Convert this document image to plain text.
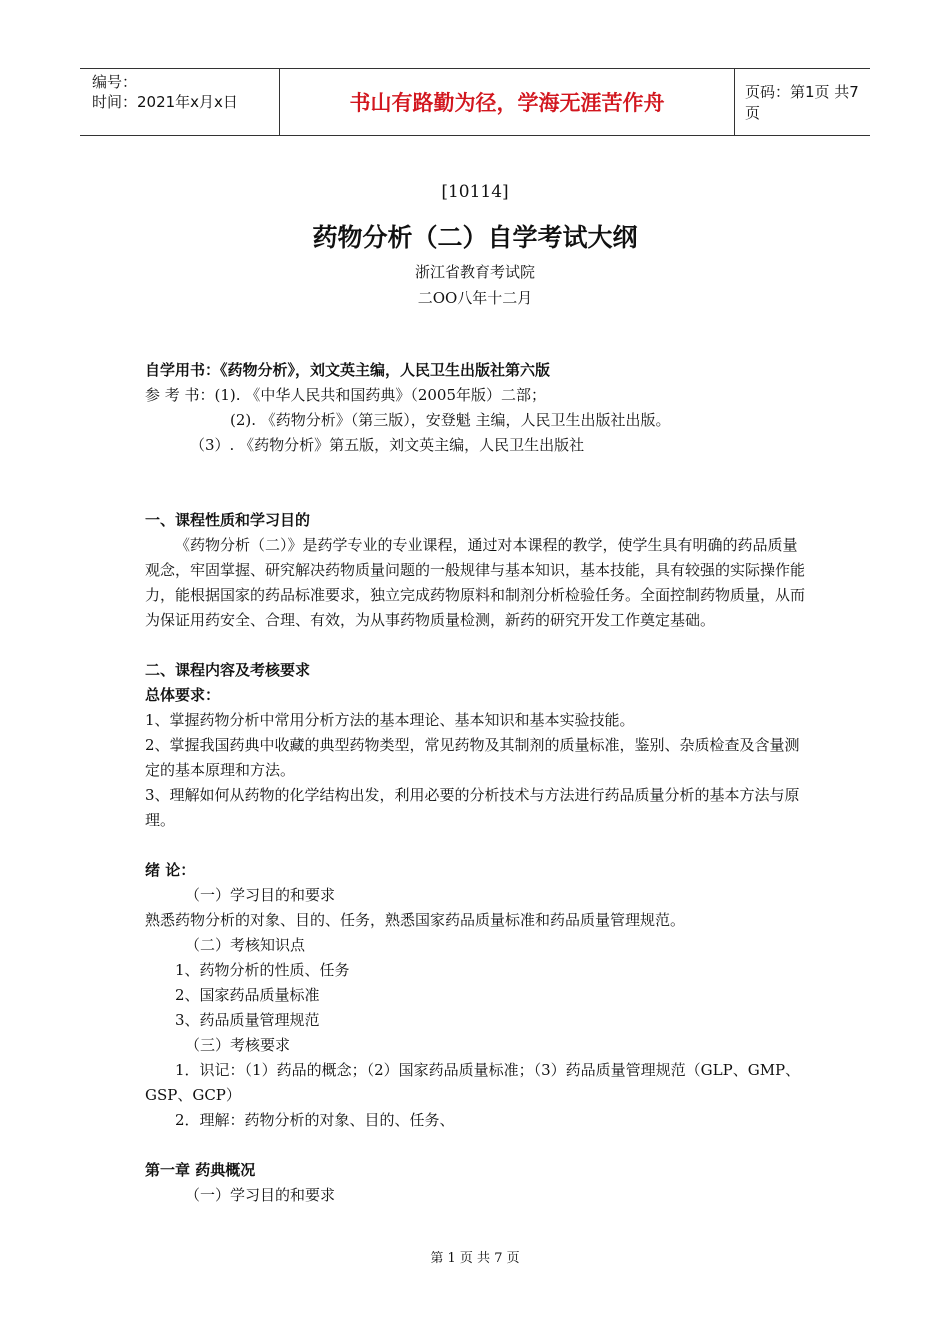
编号：
时间：2021年x月x日	书山有路勤为径，学海无涯苦作舟	页码：第1页 共7页
[10114]
药物分析（二）自学考试大纲
浙江省教育考试院
二OO八年十二月

自学用书：《药物分析》，刘文英主编，人民卫生出版社第六版

参 考 书：(1). 《中华人民共和国药典》（2005年版）二部；

(2). 《药物分析》（第三版），安登魁 主编，人民卫生出版社出版。

（3）. 《药物分析》第五版，刘文英主编，人民卫生出版社

一、课程性质和学习目的

《药物分析（二）》是药学专业的专业课程，通过对本课程的教学，使学生具有明确的药品质量观念，牢固掌握、研究解决药物质量问题的一般规律与基本知识，基本技能，具有较强的实际操作能力，能根据国家的药品标准要求，独立完成药物原料和制剂分析检验任务。全面控制药物质量，从而为保证用药安全、合理、有效，为从事药物质量检测，新药的研究开发工作奠定基础。

二、课程内容及考核要求

总体要求：

1、掌握药物分析中常用分析方法的基本理论、基本知识和基本实验技能。

2、掌握我国药典中收藏的典型药物类型，常见药物及其制剂的质量标准，鉴别、杂质检查及含量测定的基本原理和方法。

3、理解如何从药物的化学结构出发，利用必要的分析技术与方法进行药品质量分析的基本方法与原理。

绪 论：

（一）学习目的和要求

熟悉药物分析的对象、目的、任务，熟悉国家药品质量标准和药品质量管理规范。

（二）考核知识点

1、药物分析的性质、任务

2、国家药品质量标准

3、药品质量管理规范

（三）考核要求

1．识记：（1）药品的概念；（2）国家药品质量标准；（3）药品质量管理规范（GLP、GMP、GSP、GCP）

2．理解：药物分析的对象、目的、任务、

第一章 药典概况

（一）学习目的和要求

第 1 页 共 7 页
